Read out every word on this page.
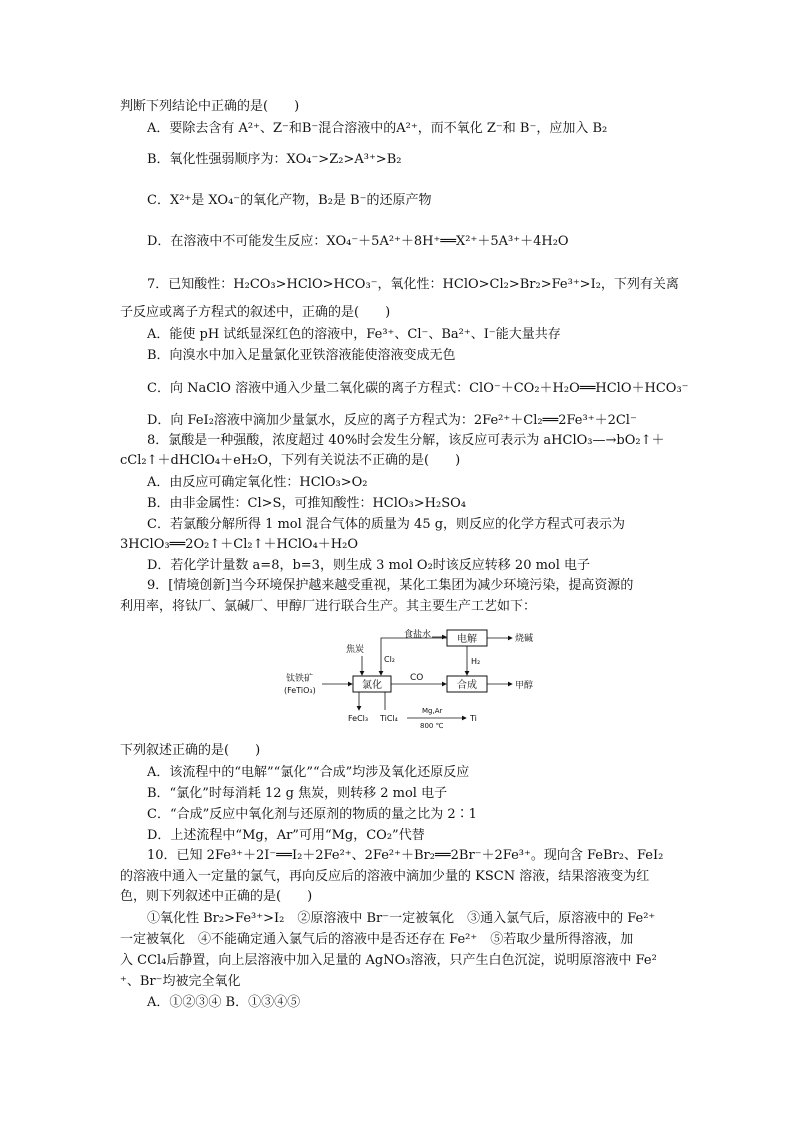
判断下列结论中正确的是(　　)
A．要除去含有 A²⁺、Z⁻和B⁻混合溶液中的A²⁺，而不氧化 Z⁻和 B⁻，应加入 B₂
B．氧化性强弱顺序为：XO₄⁻>Z₂>A³⁺>B₂
C．X²⁺是 XO₄⁻的氧化产物，B₂是 B⁻的还原产物
D．在溶液中不可能发生反应：XO₄⁻＋5A²⁺＋8H⁺══X²⁺＋5A³⁺＋4H₂O
7．已知酸性：H₂CO₃>HClO>HCO₃⁻，氧化性：HClO>Cl₂>Br₂>Fe³⁺>I₂，下列有关离
子反应或离子方程式的叙述中，正确的是(　　)
A．能使 pH 试纸显深红色的溶液中，Fe³⁺、Cl⁻、Ba²⁺、I⁻能大量共存
B．向溴水中加入足量氯化亚铁溶液能使溶液变成无色
C．向 NaClO 溶液中通入少量二氧化碳的离子方程式：ClO⁻＋CO₂＋H₂O══HClO＋HCO₃⁻
D．向 FeI₂溶液中滴加少量氯水，反应的离子方程式为：2Fe²⁺＋Cl₂══2Fe³⁺＋2Cl⁻
8．氯酸是一种强酸，浓度超过 40%时会发生分解，该反应可表示为 aHClO₃—→bO₂↑＋
cCl₂↑＋dHClO₄＋eH₂O，下列有关说法不正确的是(　　)
A．由反应可确定氧化性：HClO₃>O₂
B．由非金属性：Cl>S，可推知酸性：HClO₃>H₂SO₄
C．若氯酸分解所得 1 mol 混合气体的质量为 45 g，则反应的化学方程式可表示为
3HClO₃══2O₂↑＋Cl₂↑＋HClO₄＋H₂O
D．若化学计量数 a=8，b=3，则生成 3 mol O₂时该反应转移 20 mol 电子
9．[情境创新]当今环境保护越来越受重视，某化工集团为减少环境污染，提高资源的
利用率，将钛厂、氯碱厂、甲醇厂进行联合生产。其主要生产工艺如下：
电解
氯化	合成
食盐水	烧碱
Cl₂	H₂
焦炭
钛铁矿
(FeTiO₃)
CO
甲醇
FeCl₃ TiCl₄
Mg,Ar
800 ℃
Ti
下列叙述正确的是(　　)
A．该流程中的“电解”“氯化”“合成”均涉及氧化还原反应
B．“氯化”时每消耗 12 g 焦炭，则转移 2 mol 电子
C．“合成”反应中氧化剂与还原剂的物质的量之比为 2∶1
D．上述流程中“Mg，Ar”可用“Mg，CO₂”代替
10．已知 2Fe³⁺＋2I⁻══I₂＋2Fe²⁺、2Fe²⁺＋Br₂══2Br⁻＋2Fe³⁺。现向含 FeBr₂、FeI₂
的溶液中通入一定量的氯气，再向反应后的溶液中滴加少量的 KSCN 溶液，结果溶液变为红
色，则下列叙述中正确的是(　　)
①氧化性 Br₂>Fe³⁺>I₂　②原溶液中 Br⁻一定被氧化　③通入氯气后，原溶液中的 Fe²⁺
一定被氧化　④不能确定通入氯气后的溶液中是否还存在 Fe²⁺　⑤若取少量所得溶液，加
入 CCl₄后静置，向上层溶液中加入足量的 AgNO₃溶液，只产生白色沉淀，说明原溶液中 Fe²
⁺、Br⁻均被完全氧化
A．①②③④ B．①③④⑤
